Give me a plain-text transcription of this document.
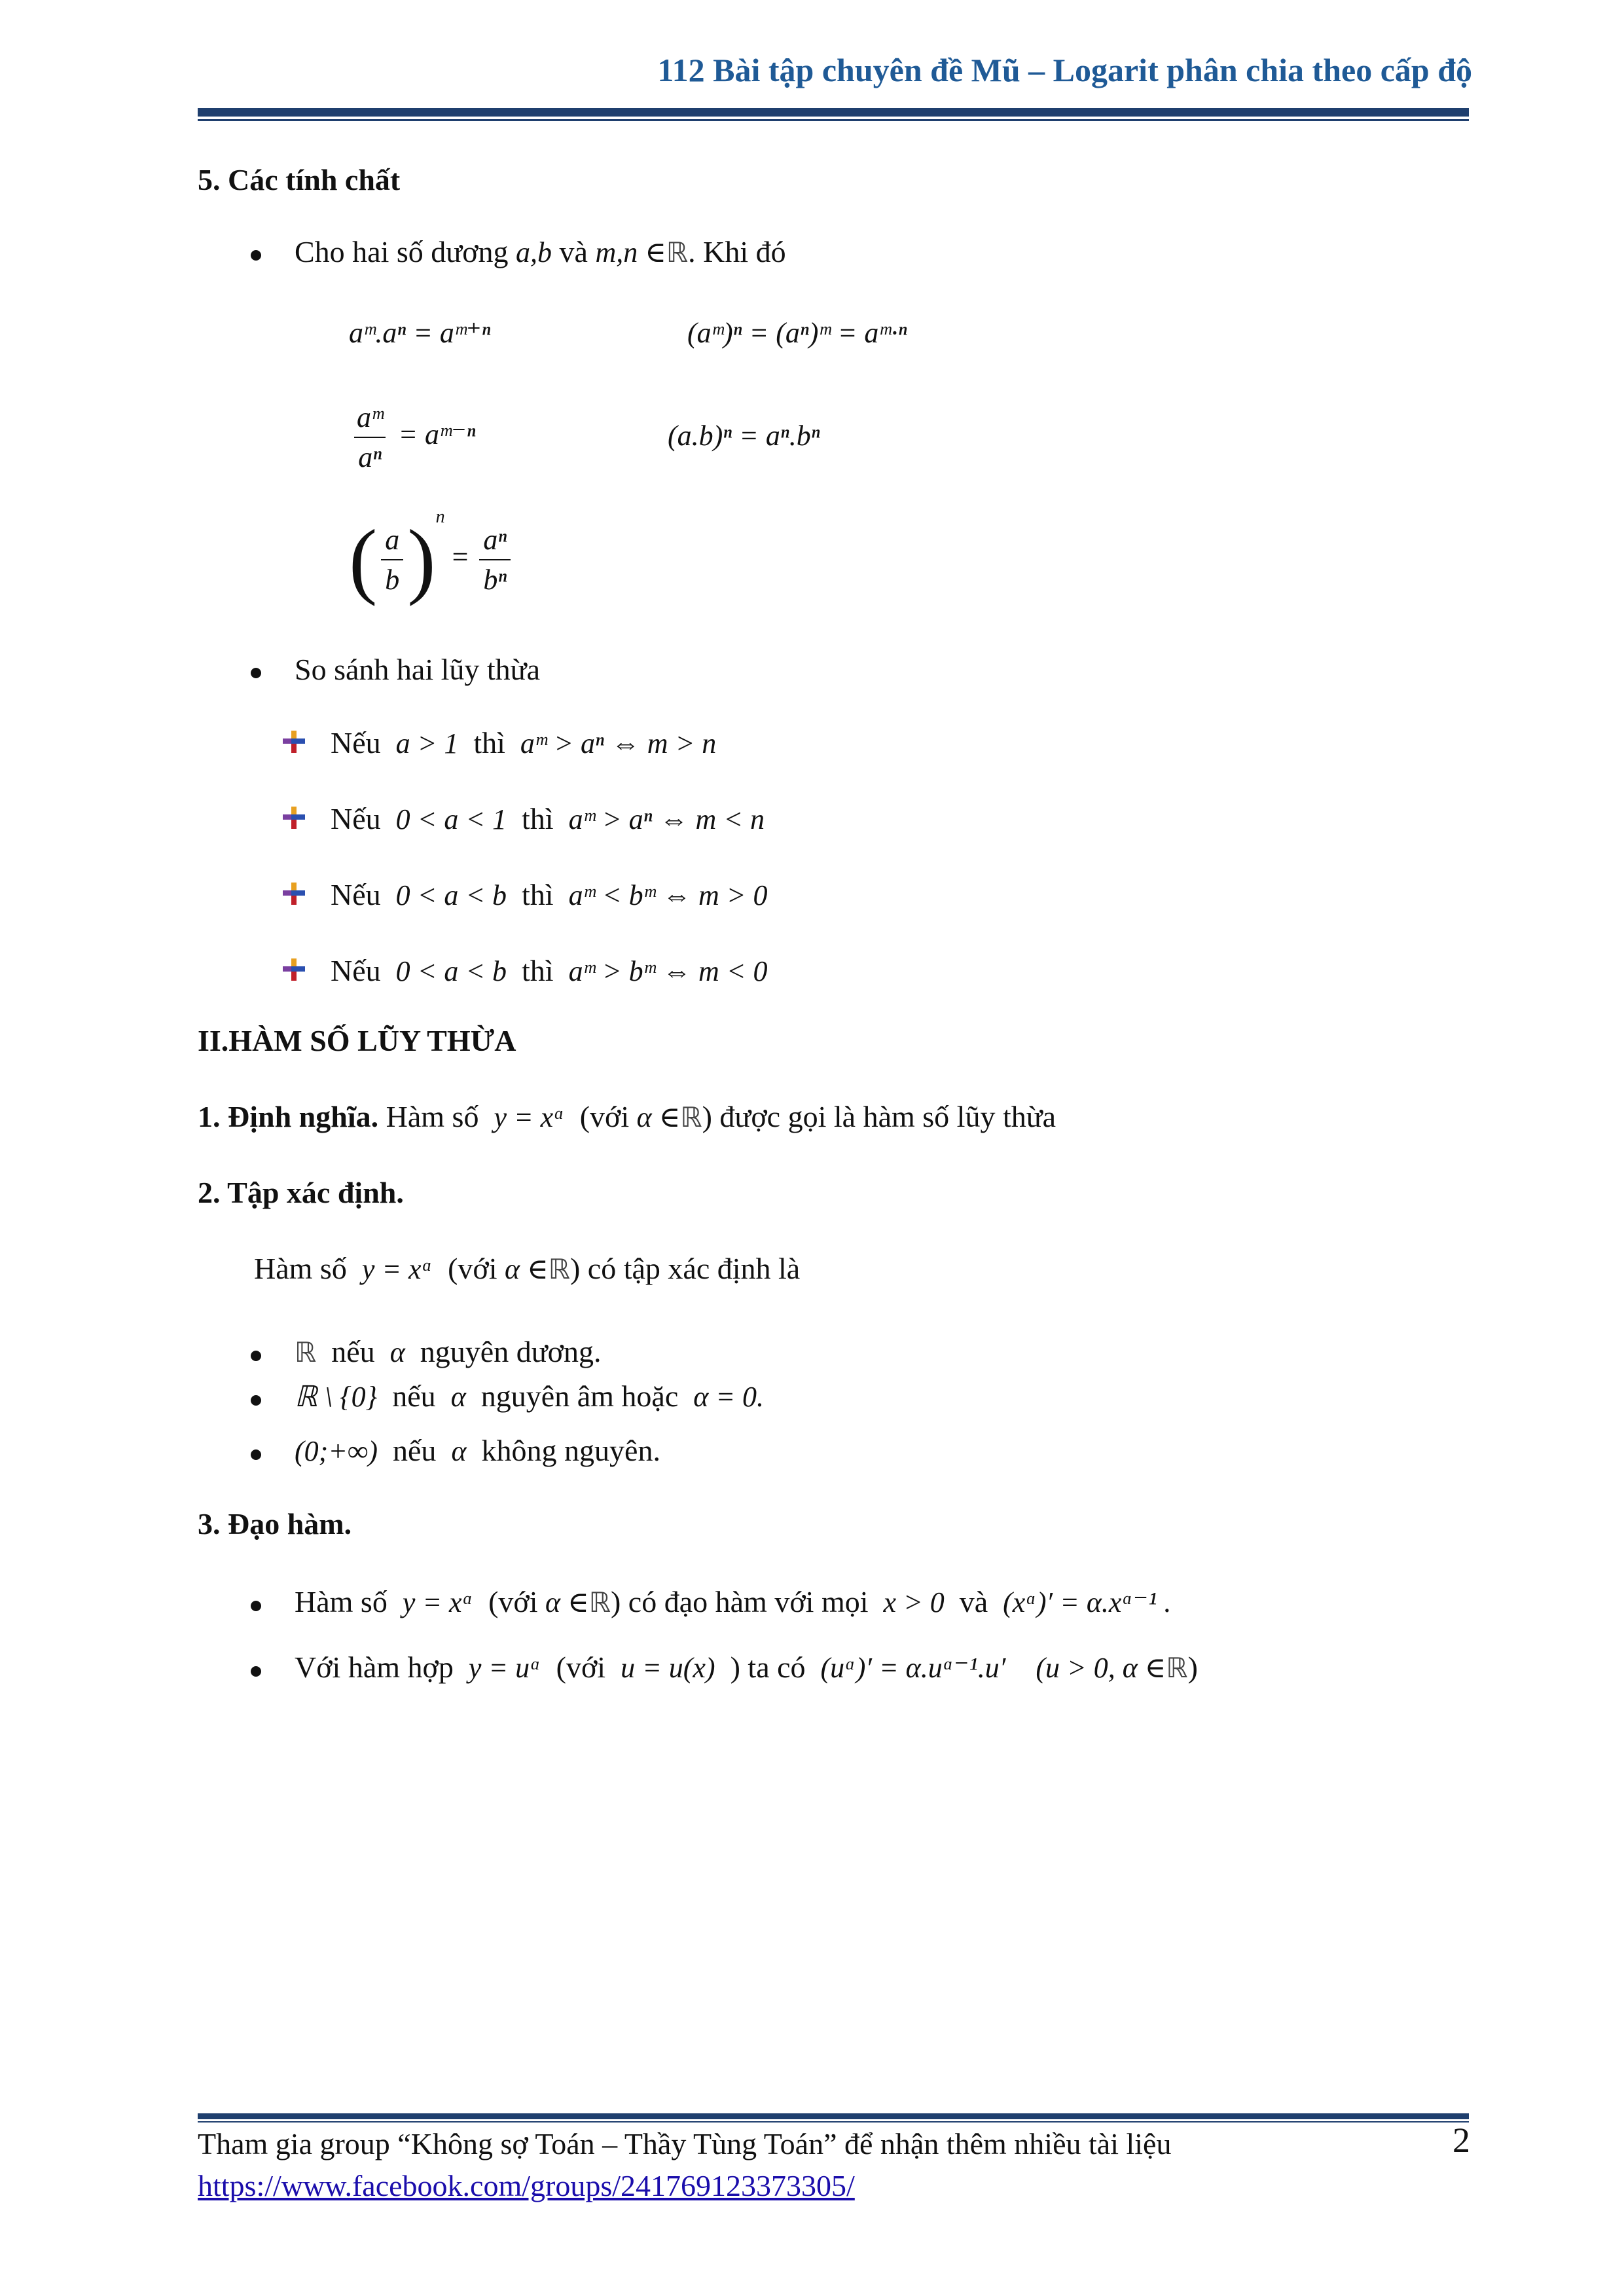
112 Bài tập chuyên đề Mũ – Logarit phân chia theo cấp độ
5. Các tính chất
Cho hai số dương a,b và m,n ∈ℝ. Khi đó
aᵐ.aⁿ = aᵐ⁺ⁿ	(aᵐ)ⁿ = (aⁿ)ᵐ = aᵐ·ⁿ
$\frac{\text{aᵐ}}{\text{aⁿ}}$ = aᵐ⁻ⁿ	(a.b)ⁿ = aⁿ.bⁿ
( $\frac{a}{b} )^n = \frac{\text{aⁿ}}{\text{bⁿ}}$
So sánh hai lũy thừa
Nếu a > 1 thì aᵐ > aⁿ ⇔ m > n
Nếu 0 < a < 1 thì aᵐ > aⁿ ⇔ m < n
Nếu 0 < a < b thì aᵐ < bᵐ ⇔ m > 0
Nếu 0 < a < b thì aᵐ > bᵐ ⇔ m < 0
II.HÀM SỐ LŨY THỪA
1. Định nghĩa. Hàm số y = xᵅ (với α ∈ℝ) được gọi là hàm số lũy thừa
2. Tập xác định.
Hàm số y = xᵅ (với α ∈ℝ) có tập xác định là
ℝ nếu α nguyên dương.
ℝ \ {0} nếu α nguyên âm hoặc α = 0.
(0;+∞) nếu α không nguyên.
3. Đạo hàm.
Hàm số y = xᵅ (với α ∈ℝ) có đạo hàm với mọi x > 0 và (xᵅ)′ = α.xᵅ⁻¹ .
Với hàm hợp y = uᵅ (với u = u(x) ) ta có (uᵅ)′ = α.uᵅ⁻¹.u′ (u > 0, α ∈ℝ)
Tham gia group “Không sợ Toán – Thầy Tùng Toán” để nhận thêm nhiều tài liệu
https://www.facebook.com/groups/241769123373305/
2
